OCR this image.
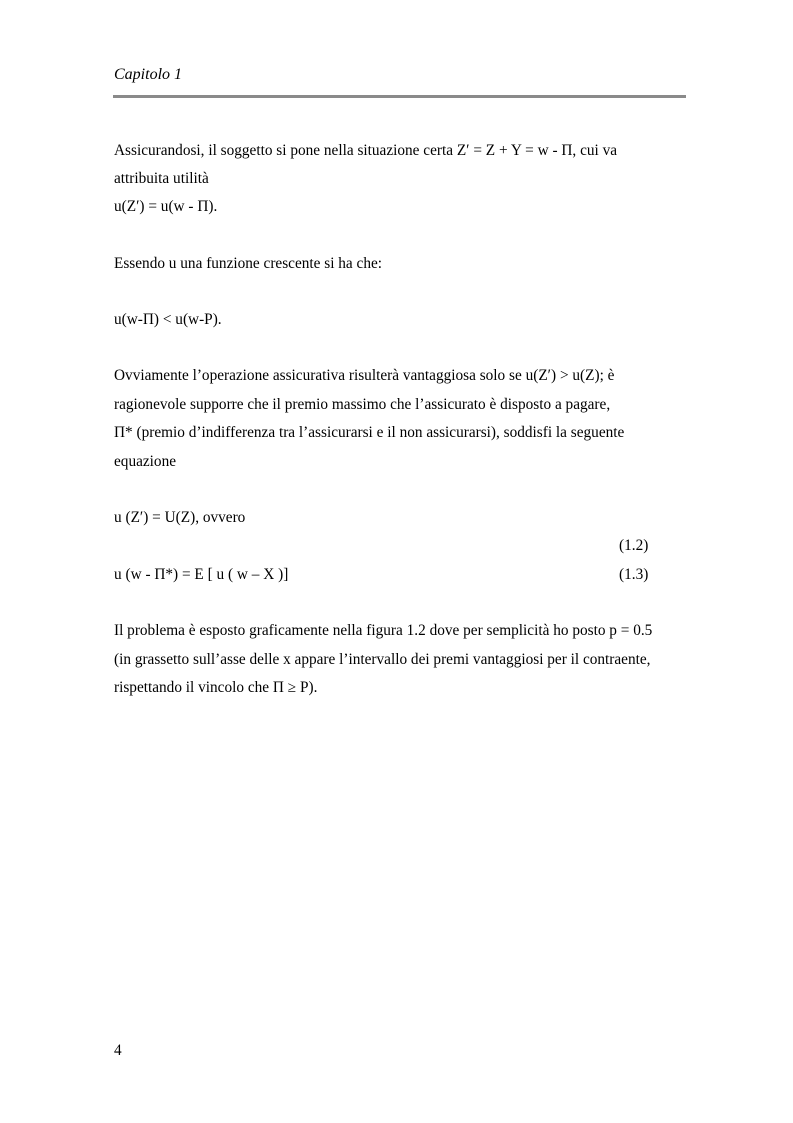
Capitolo 1
Assicurandosi, il soggetto si pone nella situazione certa Z′ = Z + Y = w - Π, cui va
attribuita utilità
u(Z′) = u(w - Π).
Essendo u una funzione crescente si ha che:
u(w-Π) < u(w-P).
Ovviamente l’operazione assicurativa risulterà vantaggiosa solo se u(Z′) > u(Z); è
ragionevole supporre che il premio massimo che l’assicurato è disposto a pagare,
Π* (premio d’indifferenza tra l’assicurarsi e il non assicurarsi), soddisfi la seguente
equazione
u (Z′) = U(Z), ovvero
(1.2)
u (w - Π*) = E [ u ( w – X )]	(1.3)
Il problema è esposto graficamente nella figura 1.2 dove per semplicità ho posto p = 0.5
(in grassetto sull’asse delle x appare l’intervallo dei premi vantaggiosi per il contraente,
rispettando il vincolo che Π ≥ P).
4
